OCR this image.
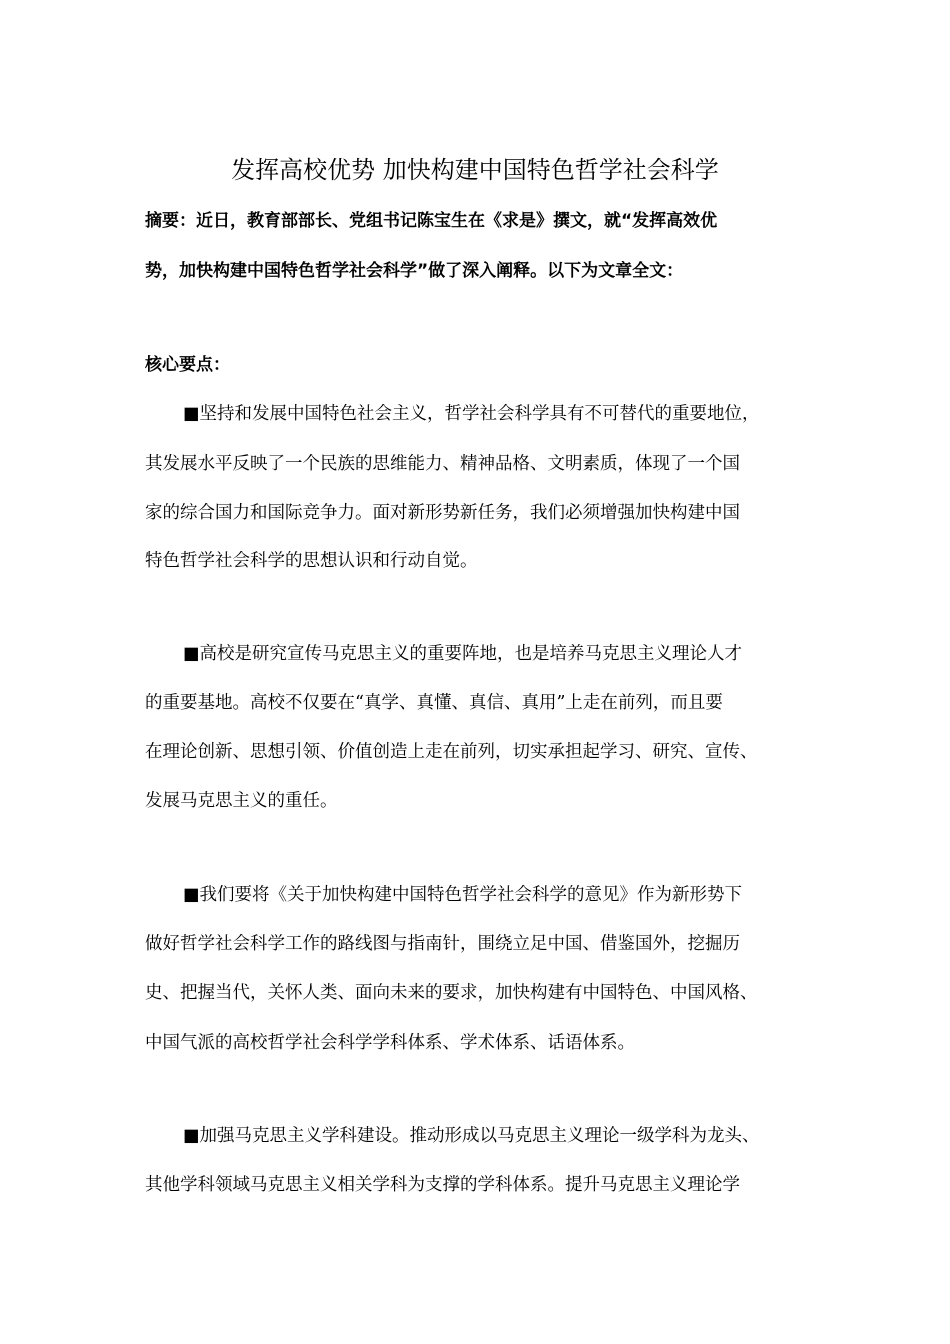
发挥高校优势 加快构建中国特色哲学社会科学
摘要：近日，教育部部长、党组书记陈宝生在《求是》撰文，就“发挥高效优
势，加快构建中国特色哲学社会科学”做了深入阐释。以下为文章全文：
核心要点：
■坚持和发展中国特色社会主义，哲学社会科学具有不可替代的重要地位，
其发展水平反映了一个民族的思维能力、精神品格、文明素质，体现了一个国
家的综合国力和国际竞争力。面对新形势新任务，我们必须增强加快构建中国
特色哲学社会科学的思想认识和行动自觉。
■高校是研究宣传马克思主义的重要阵地，也是培养马克思主义理论人才
的重要基地。高校不仅要在“真学、真懂、真信、真用”上走在前列，而且要
在理论创新、思想引领、价值创造上走在前列，切实承担起学习、研究、宣传、
发展马克思主义的重任。
■我们要将《关于加快构建中国特色哲学社会科学的意见》作为新形势下
做好哲学社会科学工作的路线图与指南针，围绕立足中国、借鉴国外，挖掘历
史、把握当代，关怀人类、面向未来的要求，加快构建有中国特色、中国风格、
中国气派的高校哲学社会科学学科体系、学术体系、话语体系。
■加强马克思主义学科建设。推动形成以马克思主义理论一级学科为龙头、
其他学科领域马克思主义相关学科为支撑的学科体系。提升马克思主义理论学
